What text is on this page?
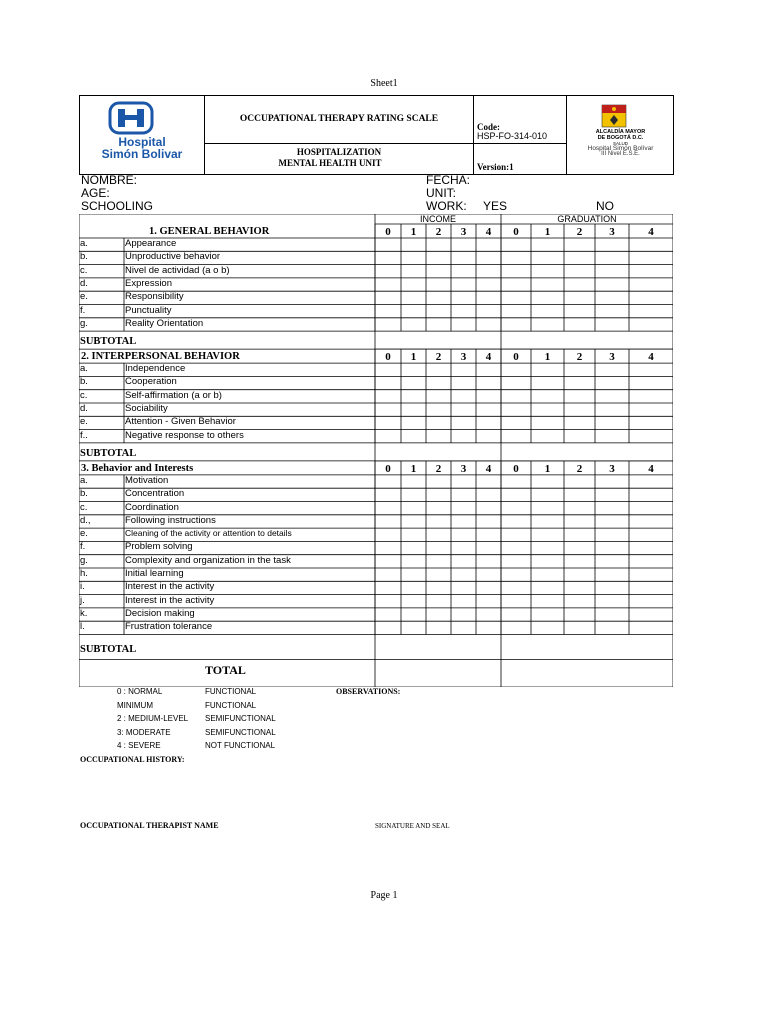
Sheet1
Hospital
Simón Bolivar
OCCUPATIONAL THERAPY RATING SCALE
HOSPITALIZATION
MENTAL HEALTH UNIT
Code:
HSP-FO-314-010
Version:1
ALCALDÍA MAYOR
DE BOGOTÁ D.C.
SALUD
Hospital Simón Bolívar
III Nivel E.S.E.
NOMBRE:
AGE:
SCHOOLING
FECHA:
UNIT:
WORK: YES	NO
INCOME	GRADUATION
1. GENERAL BEHAVIOR	0	1	2	3	4	0	1	2	3	4
a.	Appearance
b.	Unproductive behavior
c.	Nivel de actividad (a o b)
d.	Expression
e.	Responsibility
f.	Punctuality
g.	Reality Orientation
SUBTOTAL
2. INTERPERSONAL BEHAVIOR	0	1	2	3	4	0	1	2	3	4
a.	Independence
b.	Cooperation
c.	Self-affirmation (a or b)
d.	Sociability
e.	Attention - Given Behavior
f..	Negative response to others
SUBTOTAL
3. Behavior and Interests	0	1	2	3	4	0	1	2	3	4
a.	Motivation
b.	Concentration
c.	Coordination
d.,	Following instructions
e.	Cleaning of the activity or attention to details
f.	Problem solving
g.	Complexity and organization in the task
h.	Initial learning
i.	Interest in the activity
j.	Interest in the activity
k.	Decision making
l.	Frustration tolerance
SUBTOTAL
TOTAL
0 : NORMAL	FUNCTIONAL
MINIMUM	FUNCTIONAL
2 : MEDIUM-LEVEL SEMIFUNCTIONAL
3: MODERATE	SEMIFUNCTIONAL
4 : SEVERE	NOT FUNCTIONAL
OBSERVATIONS:
OCCUPATIONAL HISTORY:
OCCUPATIONAL THERAPIST NAME	SIGNATURE AND SEAL
Page 1
